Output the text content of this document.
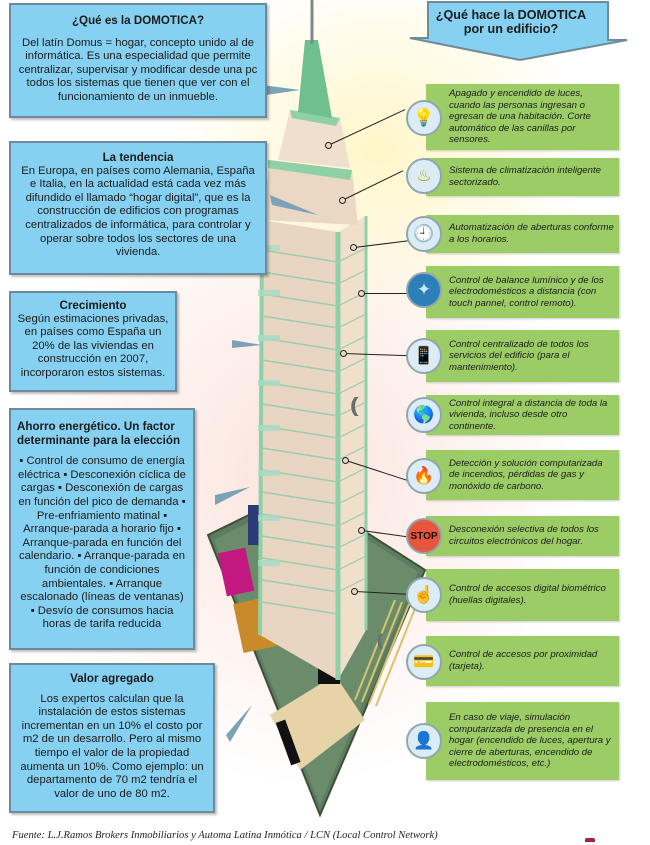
((((
¿Qué es la DOMOTICA?
Del latín Domus = hogar, concepto unido al de informática. Es una especialidad que permite centralizar, supervisar y modificar desde una pc todos los sistemas que tienen que ver con el funcionamiento de un inmueble.
La tendencia
En Europa, en países como Alemania, España e Italia, en la actualidad está cada vez más difundido el llamado “hogar digital”, que es la construcción de edificios con programas centralizados de informática, para controlar y operar sobre todos los sectores de una vivienda.
Crecimiento
Según estimaciones privadas, en países como España un 20% de las viviendas en construcción en 2007, incorporaron estos sistemas.
Ahorro energético. Un factor determinante para la elección
▪ Control de consumo de energía eléctrica ▪ Desconexión cíclica de cargas ▪ Desconexión de cargas en función del pico de demanda ▪ Pre-enfriamiento matinal ▪ Arranque-parada a horario fijo ▪ Arranque-parada en función del calendario. ▪ Arranque-parada en función de condiciones ambientales. ▪ Arranque escalonado (líneas de ventanas) ▪ Desvío de consumos hacia horas de tarifa reducida
Valor agregado
Los expertos calculan que la instalación de estos sistemas incrementan en un 10% el costo por m2 de un desarrollo. Pero al mismo tiempo el valor de la propiedad aumenta un 10%. Como ejemplo: un departamento de 70 m2 tendría el valor de uno de 80 m2.
¿Qué hace la DOMOTICA
por un edificio?
Apagado y encendido de luces, cuando las personas ingresan o egresan de una habitación. Corte automático de las canillas por sensores.
💡
Sistema de climatización inteligente sectorizado.
♨
Automatización de aberturas conforme a los horarios.
🕘
Control de balance lumínico y de los electrodomésticos a distancia (con touch pannel, control remoto).
✦
Control centralizado de todos los servicios del edificio (para el mantenimiento).
📱
Control integral a distancia de toda la vivienda, incluso desde otro continente.
🌎
Detección y solución computarizada de incendios, pérdidas de gas y monóxido de carbono.
🔥
Desconexión selectiva de todos los circuitos electrónicos del hogar.
STOP
Control de accesos digital biométrico (huellas digitales).
☝
Control de accesos por proximidad (tarjeta).
💳
En caso de viaje, simulación computarizada de presencia en el hogar (encendido de luces, apertura y cierre de aberturas, encendido de electrodomésticos, etc.)
👤
Fuente: L.J.Ramos Brokers Inmobiliarios y Automa Latina Inmótica / LCN (Local Control Network)
